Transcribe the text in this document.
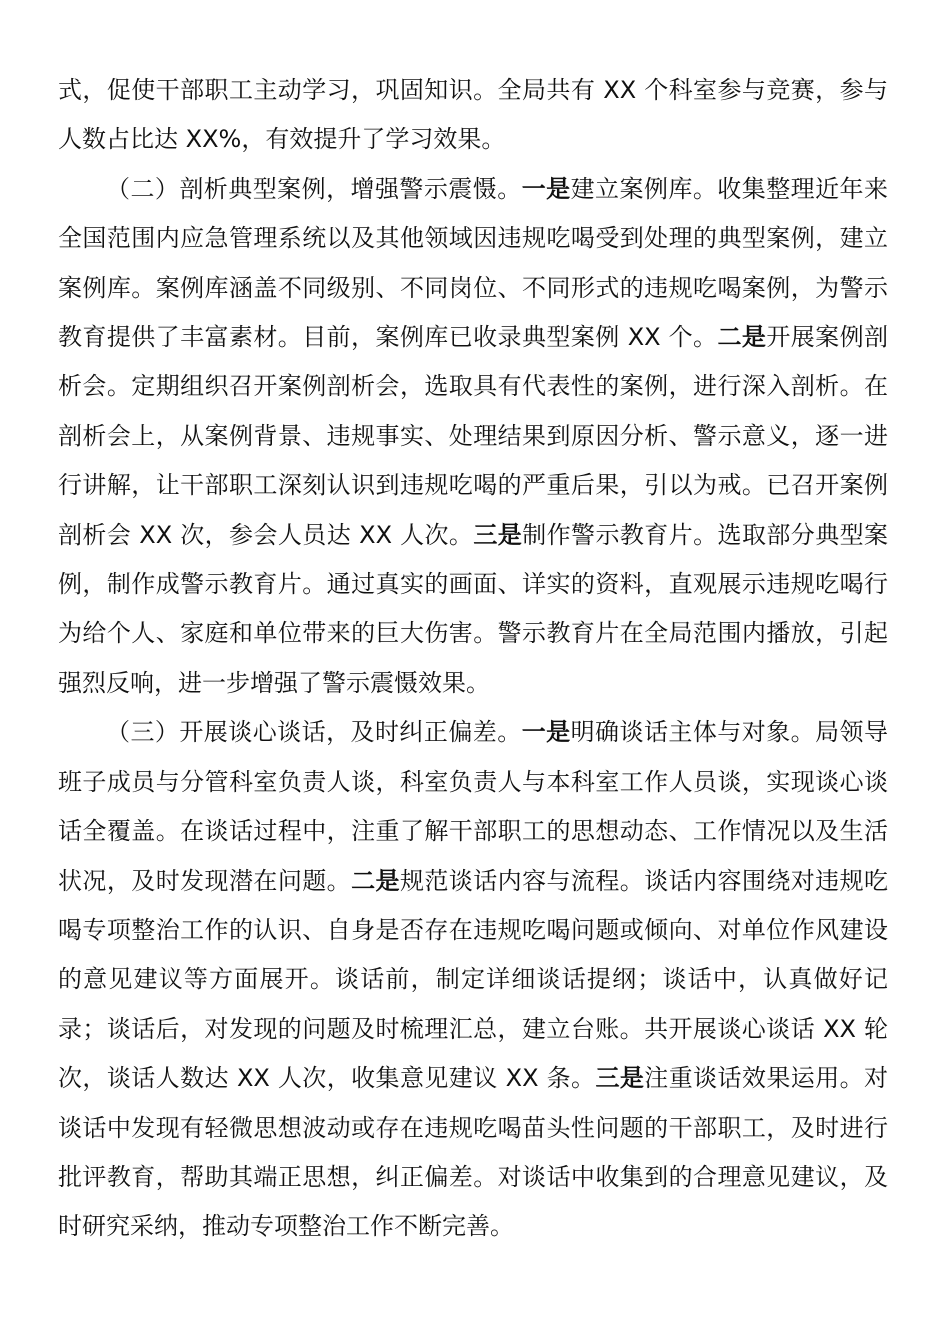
式，促使干部职工主动学习，巩固知识。全局共有 XX 个科室参与竞赛，参与人数占比达 XX%，有效提升了学习效果。

（二）剖析典型案例，增强警示震慑。一是建立案例库。收集整理近年来全国范围内应急管理系统以及其他领域因违规吃喝受到处理的典型案例，建立案例库。案例库涵盖不同级别、不同岗位、不同形式的违规吃喝案例，为警示教育提供了丰富素材。目前，案例库已收录典型案例 XX 个。二是开展案例剖析会。定期组织召开案例剖析会，选取具有代表性的案例，进行深入剖析。在剖析会上，从案例背景、违规事实、处理结果到原因分析、警示意义，逐一进行讲解，让干部职工深刻认识到违规吃喝的严重后果，引以为戒。已召开案例剖析会 XX 次，参会人员达 XX 人次。三是制作警示教育片。选取部分典型案例，制作成警示教育片。通过真实的画面、详实的资料，直观展示违规吃喝行为给个人、家庭和单位带来的巨大伤害。警示教育片在全局范围内播放，引起强烈反响，进一步增强了警示震慑效果。

（三）开展谈心谈话，及时纠正偏差。一是明确谈话主体与对象。局领导班子成员与分管科室负责人谈，科室负责人与本科室工作人员谈，实现谈心谈话全覆盖。在谈话过程中，注重了解干部职工的思想动态、工作情况以及生活状况，及时发现潜在问题。二是规范谈话内容与流程。谈话内容围绕对违规吃喝专项整治工作的认识、自身是否存在违规吃喝问题或倾向、对单位作风建设的意见建议等方面展开。谈话前，制定详细谈话提纲；谈话中，认真做好记录；谈话后，对发现的问题及时梳理汇总，建立台账。共开展谈心谈话 XX 轮次，谈话人数达 XX 人次，收集意见建议 XX 条。三是注重谈话效果运用。对谈话中发现有轻微思想波动或存在违规吃喝苗头性问题的干部职工，及时进行批评教育，帮助其端正思想，纠正偏差。对谈话中收集到的合理意见建议，及时研究采纳，推动专项整治工作不断完善。
